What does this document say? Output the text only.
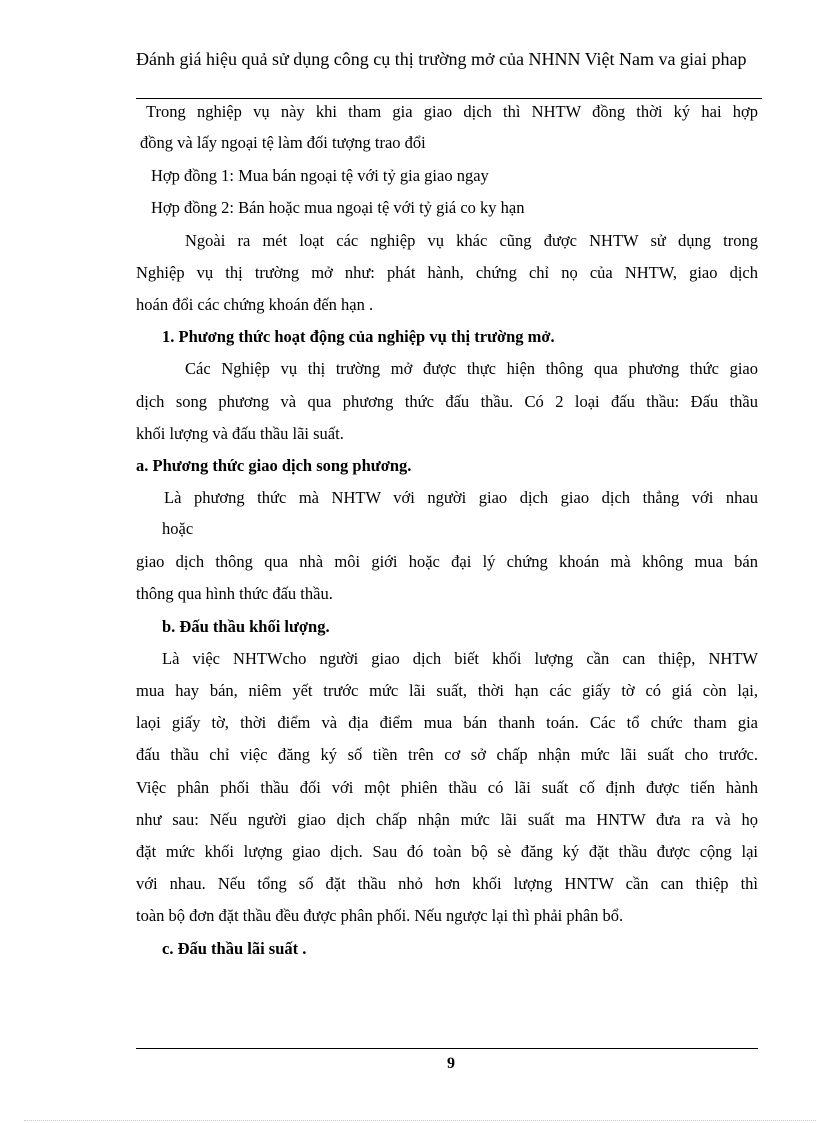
Đánh giá hiệu quả sử dụng công cụ thị trường mở của NHNN Việt Nam va giai phap
Trong nghiệp vụ này khi tham gia giao dịch thì NHTW đồng thời ký hai hợp
đồng và lấy ngoại tệ làm đối tượng trao đổi
Hợp đồng 1: Mua bán ngoại tệ với tỷ gia giao ngay
Hợp đồng 2: Bán hoặc mua ngoại tệ với tỷ giá co ky hạn
Ngoài ra mét loạt các nghiệp vụ khác cũng được NHTW sử dụng trong
Nghiệp vụ thị trường mở như: phát hành, chứng chỉ nọ của NHTW, giao dịch
hoán đổi các chứng khoán đến hạn .
1. Phương thức hoạt động của nghiệp vụ thị trường mở.
Các Nghiệp vụ thị trường mở được thực hiện thông qua phương thức giao
dịch song phương và qua phương thức đấu thầu. Có 2 loại đấu thầu: Đấu thầu
khối lượng và đấu thầu lãi suất.
a. Phương thức giao dịch song phương.
Là phương thức mà NHTW với người giao dịch giao dịch thẳng với nhau
hoặc
giao dịch thông qua nhà môi giới hoặc đại lý chứng khoán mà không mua bán
thông qua hình thức đấu thầu.
b. Đấu thầu khối lượng.
Là việc NHTWcho người giao dịch biết khối lượng cần can thiệp, NHTW
mua hay bán, niêm yết trước mức lãi suất, thời hạn các giấy tờ có giá còn lại,
laọi giấy tờ, thời điểm và địa điểm mua bán thanh toán. Các tổ chức tham gia
đấu thầu chỉ việc đăng ký số tiền trên cơ sở chấp nhận mức lãi suất cho trước.
Việc phân phối thầu đối với một phiên thầu có lãi suất cố định được tiến hành
như sau: Nếu người giao dịch chấp nhận mức lãi suất ma HNTW đưa ra và họ
đặt mức khối lượng giao dịch. Sau đó toàn bộ sè đăng ký đặt thầu được cộng lại
với nhau. Nếu tổng số đặt thầu nhỏ hơn khối lượng HNTW cần can thiệp thì
toàn bộ đơn đặt thầu đều được phân phối. Nếu ngược lại thì phải phân bổ.
c. Đấu thầu lãi suất .
9
